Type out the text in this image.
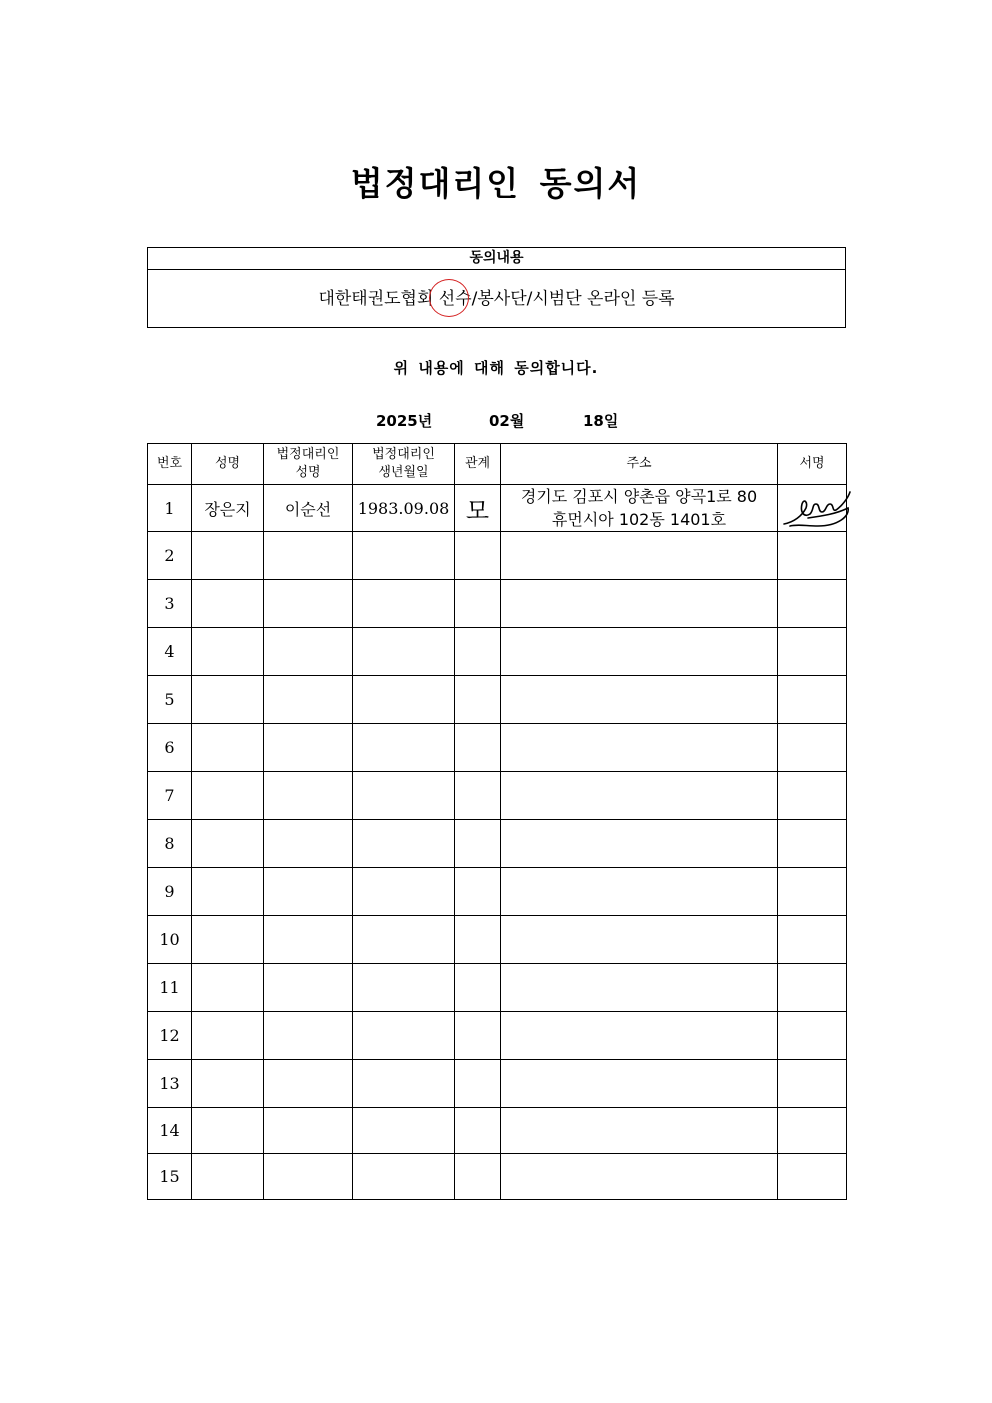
법정대리인 동의서
동의내용
대한태권도협회 선수/봉사단/시범단 온라인 등록
위 내용에 대해 동의합니다.
2025년	02월	18일
번호	성명	법정대리인 성명	법정대리인 생년월일	관계	주소	서명
1	장은지	이순선	1983.09.08	모	경기도 김포시 양촌읍 양곡1로 80
휴먼시아 102동 1401호

2						
3						
4						
5						
6						
7						
8						
9						
10						
11						
12						
13						
14						
15						
